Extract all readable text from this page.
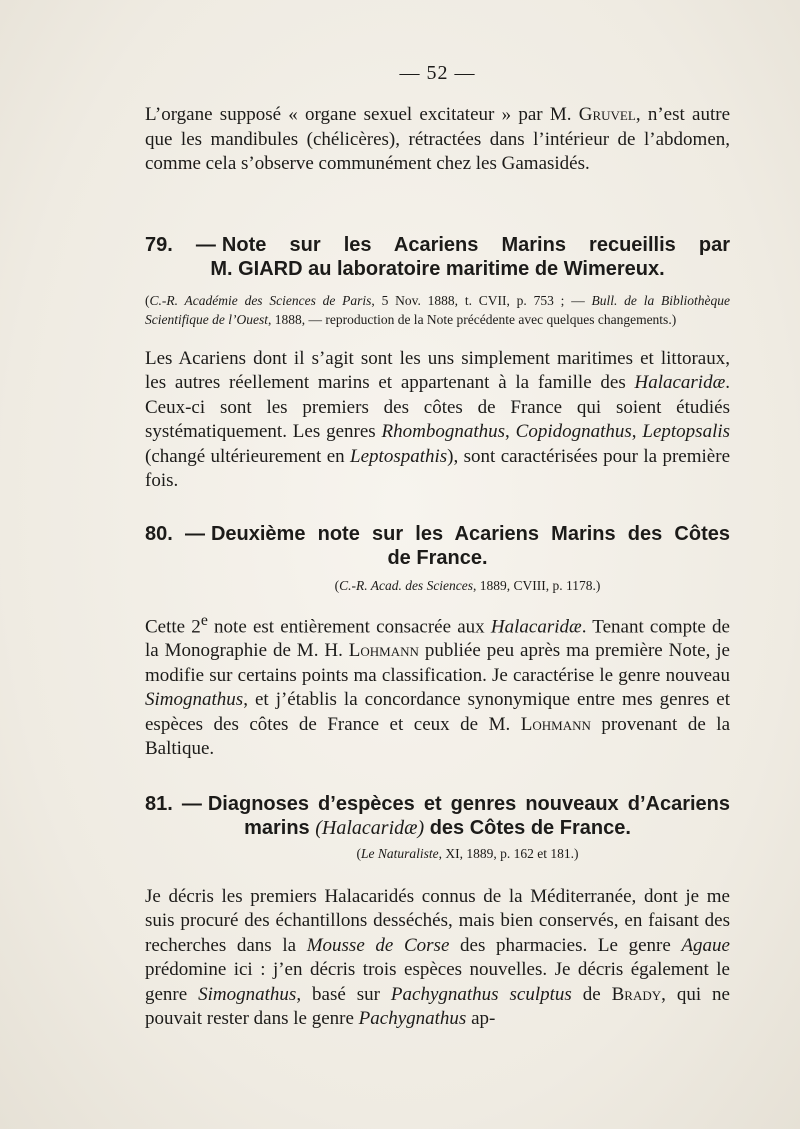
— 52 —

L’organe supposé « organe sexuel excitateur » par M. Gruvel, n’est autre que les mandibules (chélicères), rétractées dans l’intérieur de l’abdomen, comme cela s’observe communément chez les Gamasidés.

79. — Note sur les Acariens Marins recueillis par
M. GIARD au laboratoire maritime de Wimereux.

(C.-R. Académie des Sciences de Paris, 5 Nov. 1888, t. CVII, p. 753 ; — Bull. de la Bibliothèque Scientifique de l’Ouest, 1888, — reproduction de la Note précédente avec quelques changements.)

Les Acariens dont il s’agit sont les uns simplement maritimes et littoraux, les autres réellement marins et appartenant à la famille des Halacaridæ. Ceux-ci sont les premiers des côtes de France qui soient étudiés systématiquement. Les genres Rhombognathus, Copidognathus, Leptopsalis (changé ultérieurement en Leptospathis), sont caractérisées pour la première fois.

80. — Deuxième note sur les Acariens Marins des Côtes
de France.

(C.-R. Acad. des Sciences, 1889, CVIII, p. 1178.)

Cette 2e note est entièrement consacrée aux Halacaridæ. Tenant compte de la Monographie de M. H. Lohmann publiée peu après ma première Note, je modifie sur certains points ma classification. Je caractérise le genre nouveau Simognathus, et j’établis la concordance synonymique entre mes genres et espèces des côtes de France et ceux de M. Lohmann provenant de la Baltique.

81. — Diagnoses d’espèces et genres nouveaux d’Acariens
marins (Halacaridæ) des Côtes de France.

(Le Naturaliste, XI, 1889, p. 162 et 181.)

Je décris les premiers Halacaridés connus de la Méditerranée, dont je me suis procuré des échantillons desséchés, mais bien conservés, en faisant des recherches dans la Mousse de Corse des pharmacies. Le genre Agaue prédomine ici : j’en décris trois espèces nouvelles. Je décris également le genre Simognathus, basé sur Pachygnathus sculptus de Brady, qui ne pouvait rester dans le genre Pachygnathus ap-
